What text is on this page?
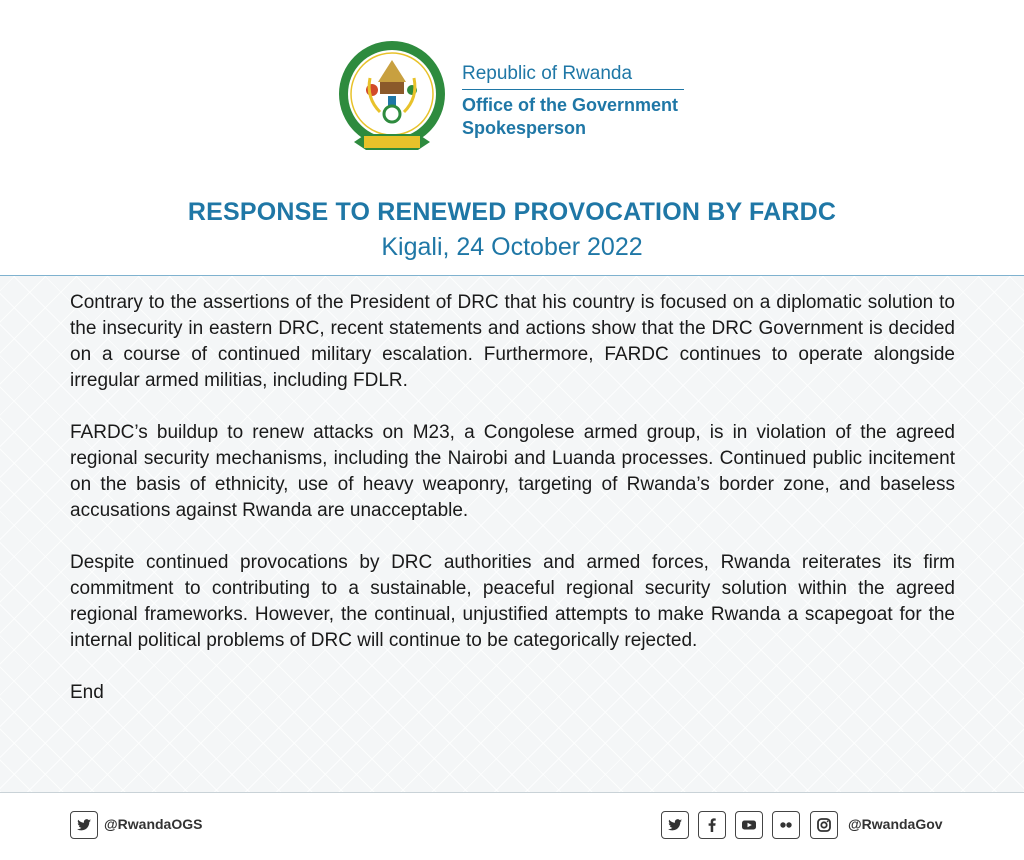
Republic of Rwanda
Office of the Government
Spokesperson
RESPONSE TO RENEWED PROVOCATION BY FARDC
Kigali, 24 October 2022

Contrary to the assertions of the President of DRC that his country is focused on a diplomatic solution to the insecurity in eastern DRC, recent statements and actions show that the DRC Government is decided on a course of continued military escalation. Furthermore, FARDC continues to operate alongside irregular armed militias, including FDLR.

FARDC’s buildup to renew attacks on M23, a Congolese armed group, is in violation of the agreed regional security mechanisms, including the Nairobi and Luanda processes. Continued public incitement on the basis of ethnicity, use of heavy weaponry, targeting of Rwanda’s border zone, and baseless accusations against Rwanda are unacceptable.

Despite continued provocations by DRC authorities and armed forces, Rwanda reiterates its firm commitment to contributing to a sustainable, peaceful regional security solution within the agreed regional frameworks. However, the continual, unjustified attempts to make Rwanda a scapegoat for the internal political problems of DRC will continue to be categorically rejected.

End

@RwandaOGS	@RwandaGov
